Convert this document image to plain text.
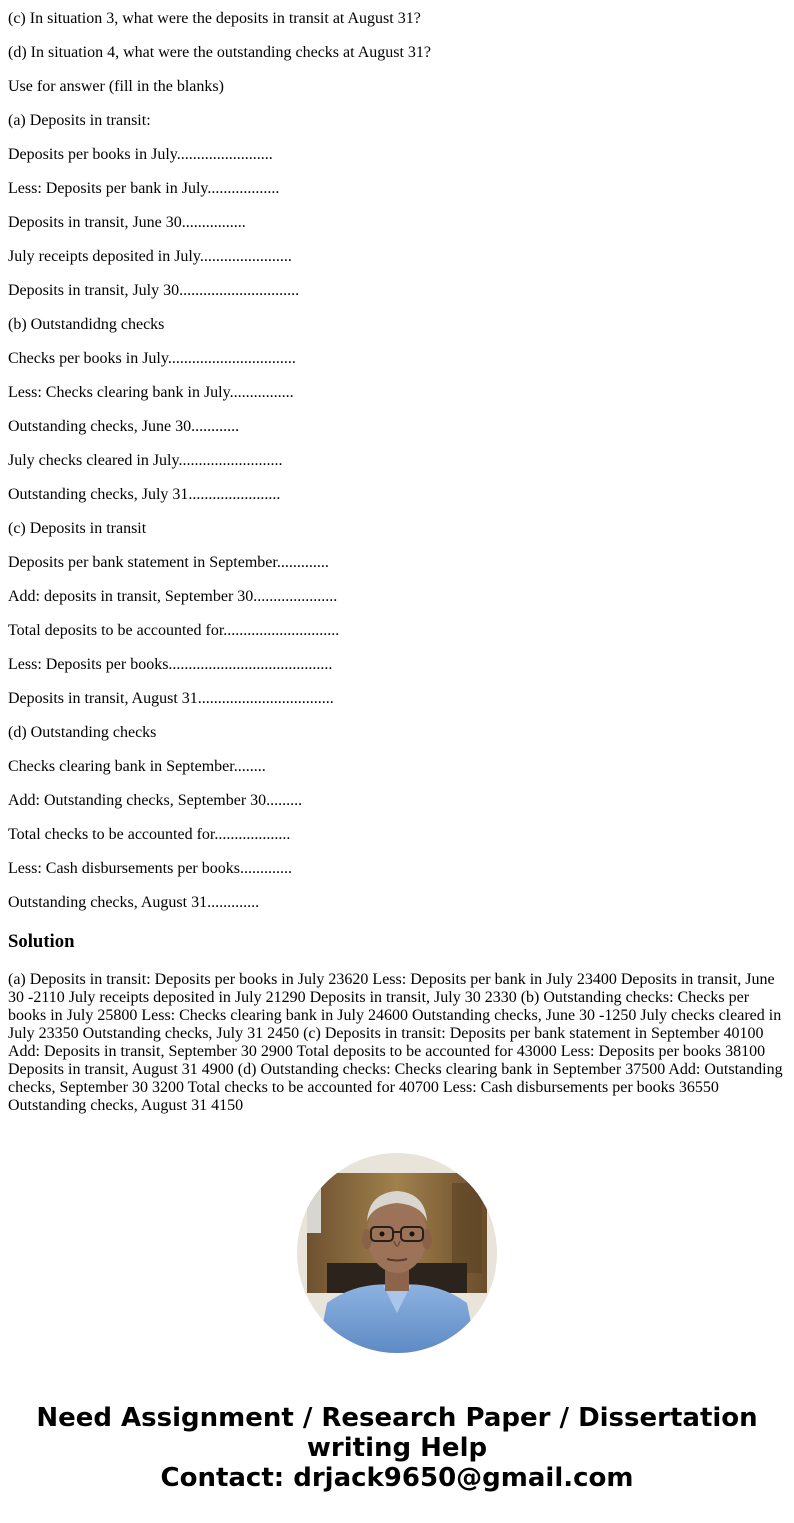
(c) In situation 3, what were the deposits in transit at August 31?

(d) In situation 4, what were the outstanding checks at August 31?

Use for answer (fill in the blanks)

(a) Deposits in transit:

Deposits per books in July........................

Less: Deposits per bank in July..................

Deposits in transit, June 30................

July receipts deposited in July.......................

Deposits in transit, July 30..............................

(b) Outstandidng checks

Checks per books in July................................

Less: Checks clearing bank in July................

Outstanding checks, June 30............

July checks cleared in July..........................

Outstanding checks, July 31.......................

(c) Deposits in transit

Deposits per bank statement in September.............

Add: deposits in transit, September 30.....................

Total deposits to be accounted for.............................

Less: Deposits per books.........................................

Deposits in transit, August 31..................................

(d) Outstanding checks

Checks clearing bank in September........

Add: Outstanding checks, September 30.........

Total checks to be accounted for...................

Less: Cash disbursements per books.............

Outstanding checks, August 31.............

Solution

(a) Deposits in transit: Deposits per books in July 23620 Less: Deposits per bank in July 23400 Deposits in transit, June 30 -2110 July receipts deposited in July 21290 Deposits in transit, July 30 2330 (b) Outstanding checks: Checks per books in July 25800 Less: Checks clearing bank in July 24600 Outstanding checks, June 30 -1250 July checks cleared in July 23350 Outstanding checks, July 31 2450 (c) Deposits in transit: Deposits per bank statement in September 40100 Add: Deposits in transit, September 30 2900 Total deposits to be accounted for 43000 Less: Deposits per books 38100 Deposits in transit, August 31 4900 (d) Outstanding checks: Checks clearing bank in September 37500 Add: Outstanding checks, September 30 3200 Total checks to be accounted for 40700 Less: Cash disbursements per books 36550 Outstanding checks, August 31 4150

Need Assignment / Research Paper / Dissertation
writing Help
Contact: drjack9650@gmail.com
